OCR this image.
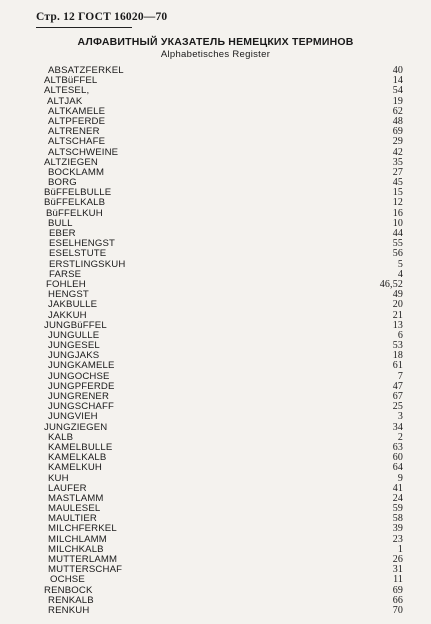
Стр. 12 ГОСТ 16020—70
АЛФАВИТНЫЙ УКАЗАТЕЛЬ НЕМЕЦКИХ ТЕРМИНОВ
Alphabetisches Register
ABSATZFERKEL	40
ALTBüFFEL	14
ALTESEL,	54
ALTJAK	19
ALTKAMELE	62
ALTPFERDE	48
ALTRENER	69
ALTSCHAFE	29
ALTSCHWEINE	42
ALTZIEGEN	35
BOCKLAMM	27
BORG	45
BüFFELBULLE	15
BüFFELKALB	12
BüFFELKUH	16
BULL	10
EBER	44
ESELHENGST	55
ESELSTUTE	56
ERSTLINGSKUH	5
FARSE	4
FOHLEH	46,52
HENGST	49
JAKBULLE	20
JAKKUH	21
JUNGBüFFEL	13
JUNGULLE	6
JUNGESEL	53
JUNGJAKS	18
JUNGKAMELE	61
JUNGOCHSE	7
JUNGPFERDE	47
JUNGRENER	67
JUNGSCHAFF	25
JUNGVIEH	3
JUNGZIEGEN	34
KALB	2
KAMELBULLE	63
KAMELKALB	60
KAMELKUH	64
KUH	9
LAUFER	41
MASTLAMM	24
MAULESEL	59
MAULTIER	58
MILCHFERKEL	39
MILCHLAMM	23
MILCHKALB	1
MUTTERLAMM	26
MUTTERSCHAF	31
OCHSE	11
RENBOCK	69
RENKALB	66
RENKUH	70
